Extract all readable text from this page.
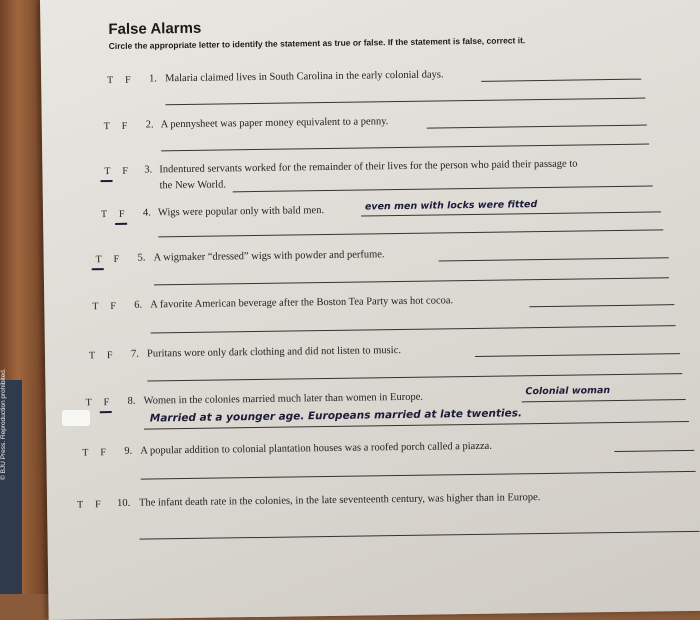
False Alarms
Circle the appropriate letter to identify the statement as true or false. If the statement is false, correct it.
T F 1. Malaria claimed lives in South Carolina in the early colonial days.
T F 2. A pennysheet was paper money equivalent to a penny.
T F 3. Indentured servants worked for the remainder of their lives for the person who paid their passage to
the New World.
T F 4. Wigs were popular only with bald men.	even men with locks were fitted
T F 5. A wigmaker “dressed” wigs with powder and perfume.
T F 6. A favorite American beverage after the Boston Tea Party was hot cocoa.
T F 7. Puritans wore only dark clothing and did not listen to music.
T F 8. Women in the colonies married much later than women in Europe.
Colonial woman
Married at a younger age. Europeans married at late twenties.
T F 9. A popular addition to colonial plantation houses was a roofed porch called a piazza.
T F 10. The infant death rate in the colonies, in the late seventeenth century, was higher than in Europe.
© BJU Press. Reproduction prohibited.
